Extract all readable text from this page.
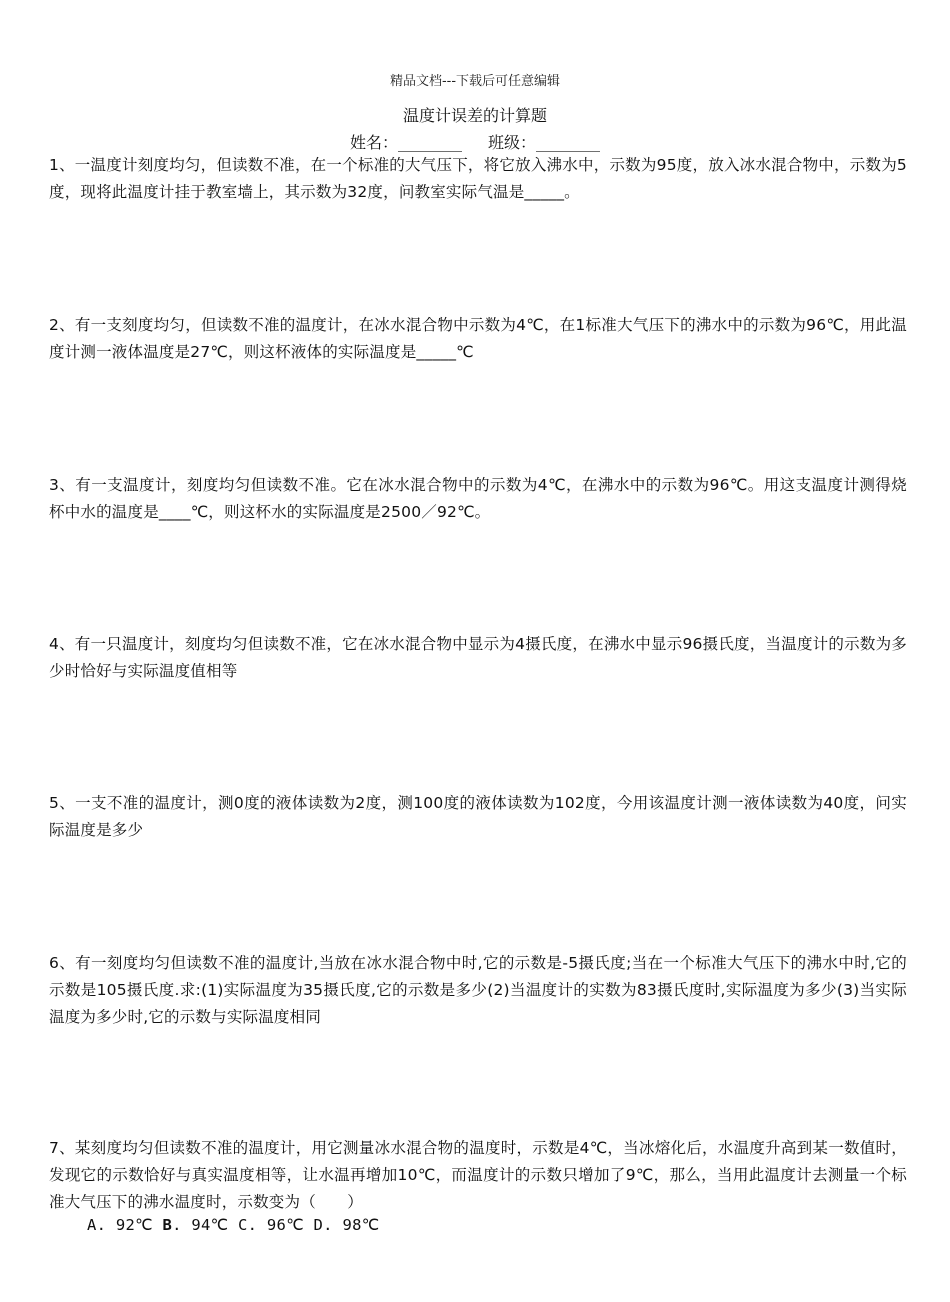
精品文档---下载后可任意编辑
温度计误差的计算题
姓名：________ 班级：________
1、一温度计刻度均匀，但读数不准，在一个标准的大气压下，将它放入沸水中，示数为95度，放入冰水混合物中，示数为5度，现将此温度计挂于教室墙上，其示数为32度，问教室实际气温是_____。
2、有一支刻度均匀，但读数不准的温度计，在冰水混合物中示数为4℃，在1标准大气压下的沸水中的示数为96℃，用此温度计测一液体温度是27℃，则这杯液体的实际温度是_____℃
3、有一支温度计，刻度均匀但读数不准。它在冰水混合物中的示数为4℃，在沸水中的示数为96℃。用这支温度计测得烧杯中水的温度是____℃，则这杯水的实际温度是2500／92℃。
4、有一只温度计，刻度均匀但读数不准，它在冰水混合物中显示为4摄氏度，在沸水中显示96摄氏度，当温度计的示数为多少时恰好与实际温度值相等
5、一支不准的温度计，测0度的液体读数为2度，测100度的液体读数为102度，今用该温度计测一液体读数为40度，问实际温度是多少
6、有一刻度均匀但读数不准的温度计,当放在冰水混合物中时,它的示数是-5摄氏度;当在一个标准大气压下的沸水中时,它的示数是105摄氏度.求:(1)实际温度为35摄氏度,它的示数是多少(2)当温度计的实数为83摄氏度时,实际温度为多少(3)当实际温度为多少时,它的示数与实际温度相同
7、某刻度均匀但读数不准的温度计，用它测量冰水混合物的温度时，示数是4℃，当冰熔化后，水温度升高到某一数值时，发现它的示数恰好与真实温度相等，让水温再增加10℃，而温度计的示数只增加了9℃，那么，当用此温度计去测量一个标准大气压下的沸水温度时，示数变为（　　）
A. 92℃ B. 94℃ C. 96℃ D. 98℃
